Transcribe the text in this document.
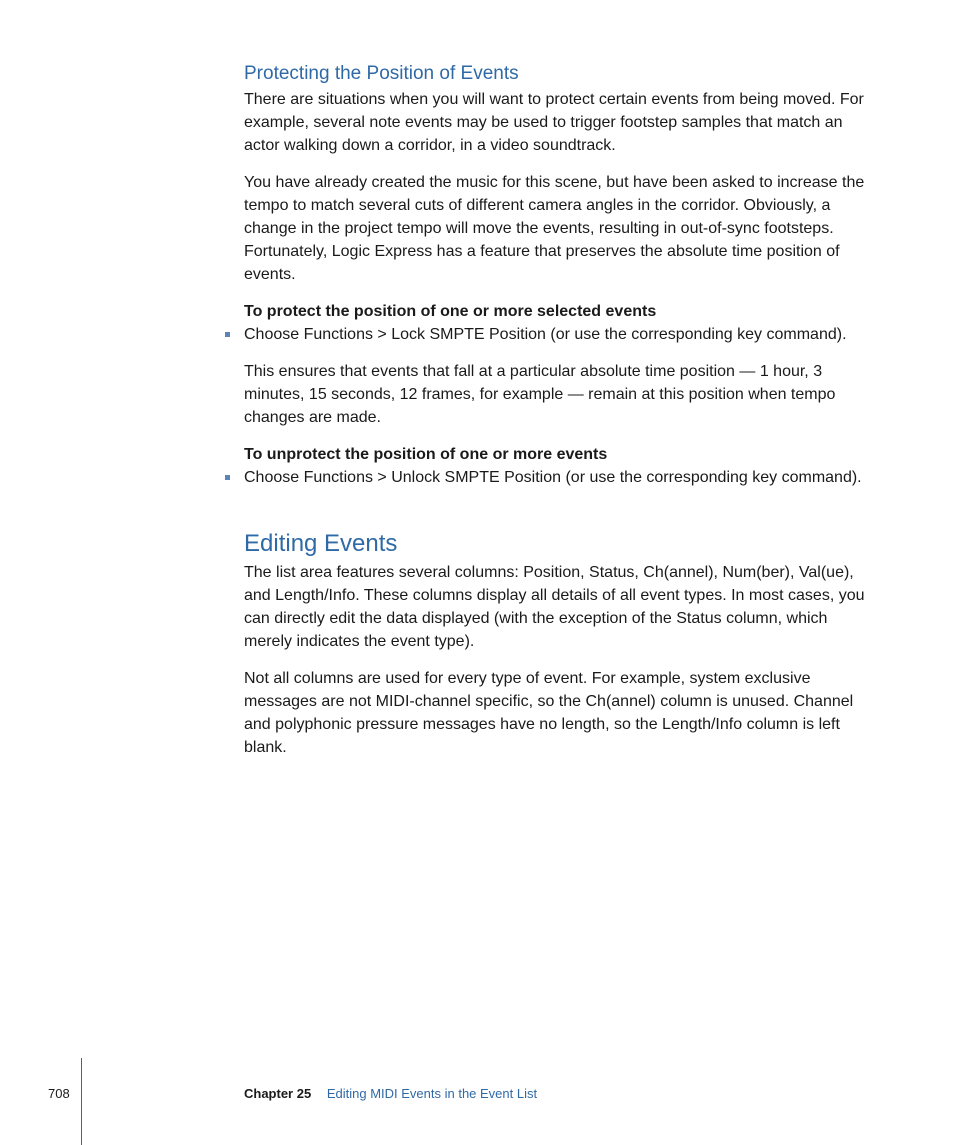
Protecting the Position of Events

There are situations when you will want to protect certain events from being moved. For example, several note events may be used to trigger footstep samples that match an actor walking down a corridor, in a video soundtrack.

You have already created the music for this scene, but have been asked to increase the tempo to match several cuts of different camera angles in the corridor. Obviously, a change in the project tempo will move the events, resulting in out-of-sync footsteps. Fortunately, Logic Express has a feature that preserves the absolute time position of events.

To protect the position of one or more selected events
Choose Functions > Lock SMPTE Position (or use the corresponding key command).

This ensures that events that fall at a particular absolute time position — 1 hour, 3 minutes, 15 seconds, 12 frames, for example — remain at this position when tempo changes are made.

To unprotect the position of one or more events
Choose Functions > Unlock SMPTE Position (or use the corresponding key command).
Editing Events

The list area features several columns: Position, Status, Ch(annel), Num(ber), Val(ue), and Length/Info. These columns display all details of all event types. In most cases, you can directly edit the data displayed (with the exception of the Status column, which merely indicates the event type).

Not all columns are used for every type of event. For example, system exclusive messages are not MIDI-channel specific, so the Ch(annel) column is unused. Channel and polyphonic pressure messages have no length, so the Length/Info column is left blank.

708	Chapter 25 Editing MIDI Events in the Event List
